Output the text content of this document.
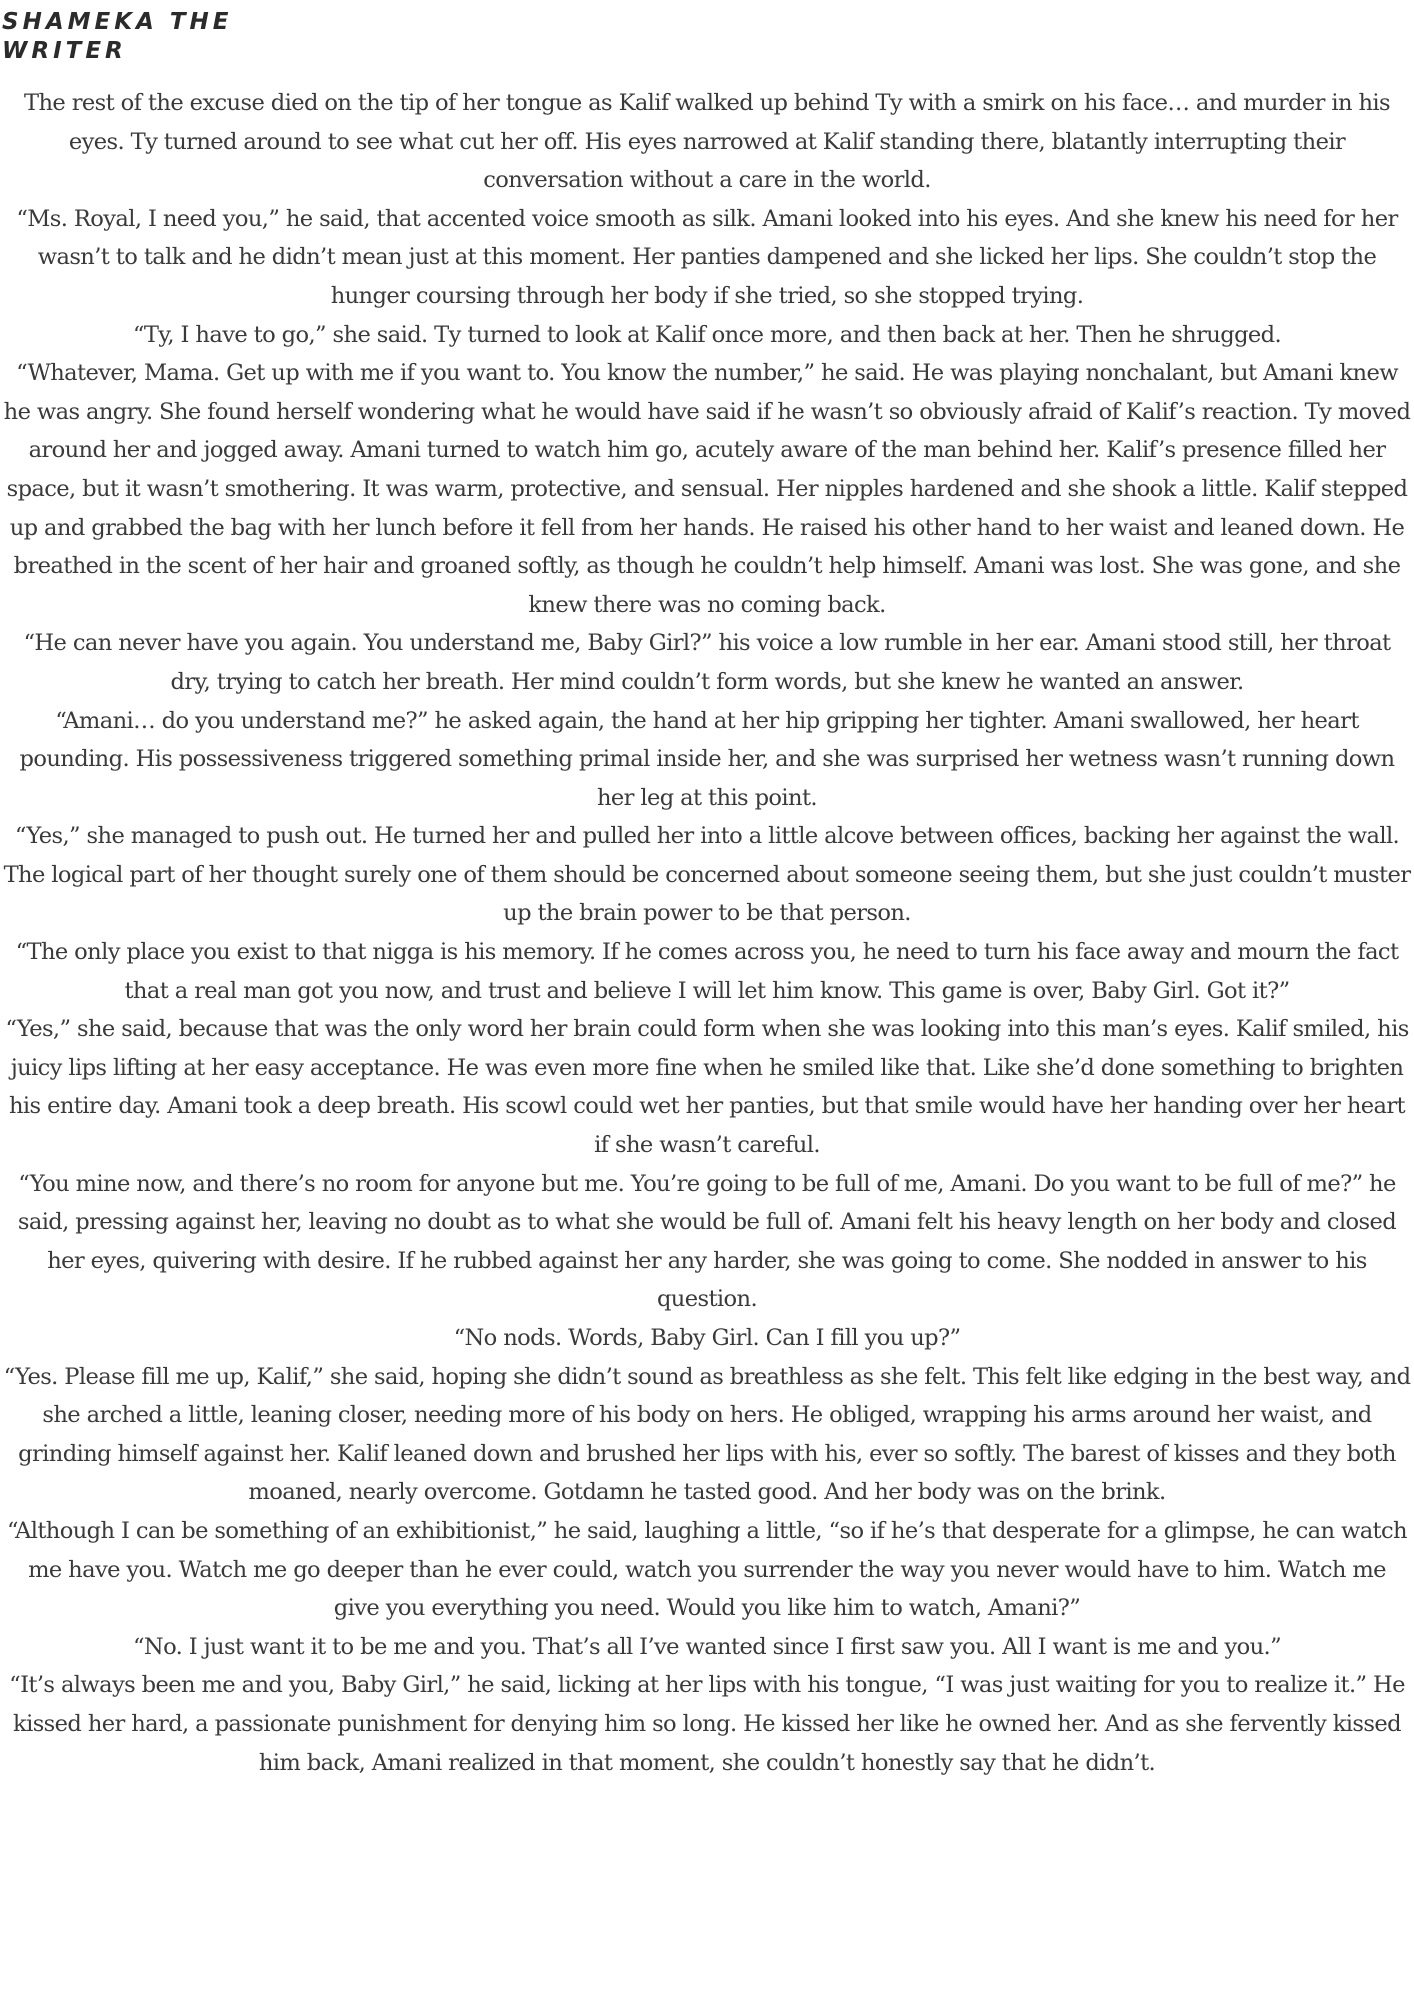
SHAMEKA THE WRITER

The rest of the excuse died on the tip of her tongue as Kalif walked up behind Ty with a smirk on his face… and murder in his eyes. Ty turned around to see what cut her off. His eyes narrowed at Kalif standing there, blatantly interrupting their conversation without a care in the world.

“Ms. Royal, I need you,” he said, that accented voice smooth as silk. Amani looked into his eyes. And she knew his need for her wasn’t to talk and he didn’t mean just at this moment. Her panties dampened and she licked her lips. She couldn’t stop the hunger coursing through her body if she tried, so she stopped trying.

“Ty, I have to go,” she said. Ty turned to look at Kalif once more, and then back at her. Then he shrugged.

“Whatever, Mama. Get up with me if you want to. You know the number,” he said. He was playing nonchalant, but Amani knew he was angry. She found herself wondering what he would have said if he wasn’t so obviously afraid of Kalif’s reaction. Ty moved around her and jogged away. Amani turned to watch him go, acutely aware of the man behind her. Kalif’s presence filled her space, but it wasn’t smothering. It was warm, protective, and sensual. Her nipples hardened and she shook a little. Kalif stepped up and grabbed the bag with her lunch before it fell from her hands. He raised his other hand to her waist and leaned down. He breathed in the scent of her hair and groaned softly, as though he couldn’t help himself. Amani was lost. She was gone, and she knew there was no coming back.

“He can never have you again. You understand me, Baby Girl?” his voice a low rumble in her ear. Amani stood still, her throat dry, trying to catch her breath. Her mind couldn’t form words, but she knew he wanted an answer.

“Amani… do you understand me?” he asked again, the hand at her hip gripping her tighter. Amani swallowed, her heart pounding. His possessiveness triggered something primal inside her, and she was surprised her wetness wasn’t running down her leg at this point.

“Yes,” she managed to push out. He turned her and pulled her into a little alcove between offices, backing her against the wall. The logical part of her thought surely one of them should be concerned about someone seeing them, but she just couldn’t muster up the brain power to be that person.

“The only place you exist to that nigga is his memory. If he comes across you, he need to turn his face away and mourn the fact that a real man got you now, and trust and believe I will let him know. This game is over, Baby Girl. Got it?”

“Yes,” she said, because that was the only word her brain could form when she was looking into this man’s eyes. Kalif smiled, his juicy lips lifting at her easy acceptance. He was even more fine when he smiled like that. Like she’d done something to brighten his entire day. Amani took a deep breath. His scowl could wet her panties, but that smile would have her handing over her heart if she wasn’t careful.

“You mine now, and there’s no room for anyone but me. You’re going to be full of me, Amani. Do you want to be full of me?” he said, pressing against her, leaving no doubt as to what she would be full of. Amani felt his heavy length on her body and closed her eyes, quivering with desire. If he rubbed against her any harder, she was going to come. She nodded in answer to his question.

“No nods. Words, Baby Girl. Can I fill you up?”

“Yes. Please fill me up, Kalif,” she said, hoping she didn’t sound as breathless as she felt. This felt like edging in the best way, and she arched a little, leaning closer, needing more of his body on hers. He obliged, wrapping his arms around her waist, and grinding himself against her. Kalif leaned down and brushed her lips with his, ever so softly. The barest of kisses and they both moaned, nearly overcome. Gotdamn he tasted good. And her body was on the brink.

“Although I can be something of an exhibitionist,” he said, laughing a little, “so if he’s that desperate for a glimpse, he can watch me have you. Watch me go deeper than he ever could, watch you surrender the way you never would have to him. Watch me give you everything you need. Would you like him to watch, Amani?”

“No. I just want it to be me and you. That’s all I’ve wanted since I first saw you. All I want is me and you.”

“It’s always been me and you, Baby Girl,” he said, licking at her lips with his tongue, “I was just waiting for you to realize it.” He kissed her hard, a passionate punishment for denying him so long. He kissed her like he owned her. And as she fervently kissed him back, Amani realized in that moment, she couldn’t honestly say that he didn’t.
